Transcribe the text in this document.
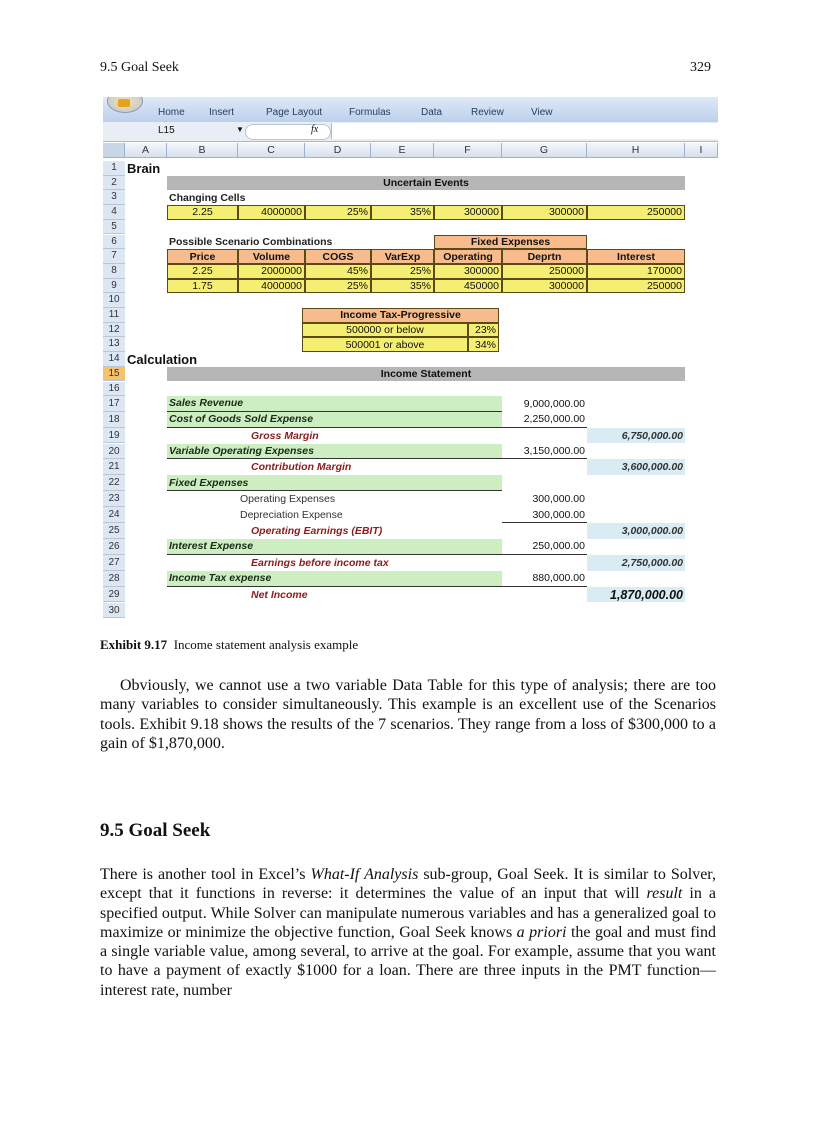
9.5 Goal Seek	329
Home Insert	Page Layout	Formulas	Data	Review	View
L15	▼	fx
A	B	C	D	E	F	G	H	I
1
2
3
4
5
6
7
8
9
10
11
12
13
14
15
16
17
18
19
20
21
22
23
24
25
26
27
28
29
30
Brain
Uncertain Events
Changing Cells
2.25	4000000	25%	35%	300000	300000	250000
Possible Scenario Combinations	Fixed Expenses
Price	Volume	COGS	VarExp	Operating	Deprtn	Interest
2.25	2000000	45%	25%	300000	250000	170000
1.75	4000000	25%	35%	450000	300000	250000
Income Tax-Progressive
500000 or below	23%
500001 or above	34%
Calculation
Income Statement
Sales Revenue	9,000,000.00
Cost of Goods Sold Expense	2,250,000.00
Gross Margin	6,750,000.00
Variable Operating Expenses	3,150,000.00
Contribution Margin	3,600,000.00
Fixed Expenses
Operating Expenses	300,000.00
Depreciation Expense	300,000.00
Operating Earnings (EBIT)	3,000,000.00
Interest Expense	250,000.00
Earnings before income tax	2,750,000.00
Income Tax expense	880,000.00
Net Income	1,870,000.00
Exhibit 9.17 Income statement analysis example

Obviously, we cannot use a two variable Data Table for this type of analysis; there are too many variables to consider simultaneously. This example is an excellent use of the Scenarios tools. Exhibit 9.18 shows the results of the 7 scenarios. They range from a loss of $300,000 to a gain of $1,870,000.

9.5 Goal Seek

There is another tool in Excel’s What-If Analysis sub-group, Goal Seek. It is similar to Solver, except that it functions in reverse: it determines the value of an input that will result in a specified output. While Solver can manipulate numerous variables and has a generalized goal to maximize or minimize the objective function, Goal Seek knows a priori the goal and must find a single variable value, among several, to arrive at the goal. For example, assume that you want to have a payment of exactly $1000 for a loan. There are three inputs in the PMT function—interest rate, number
